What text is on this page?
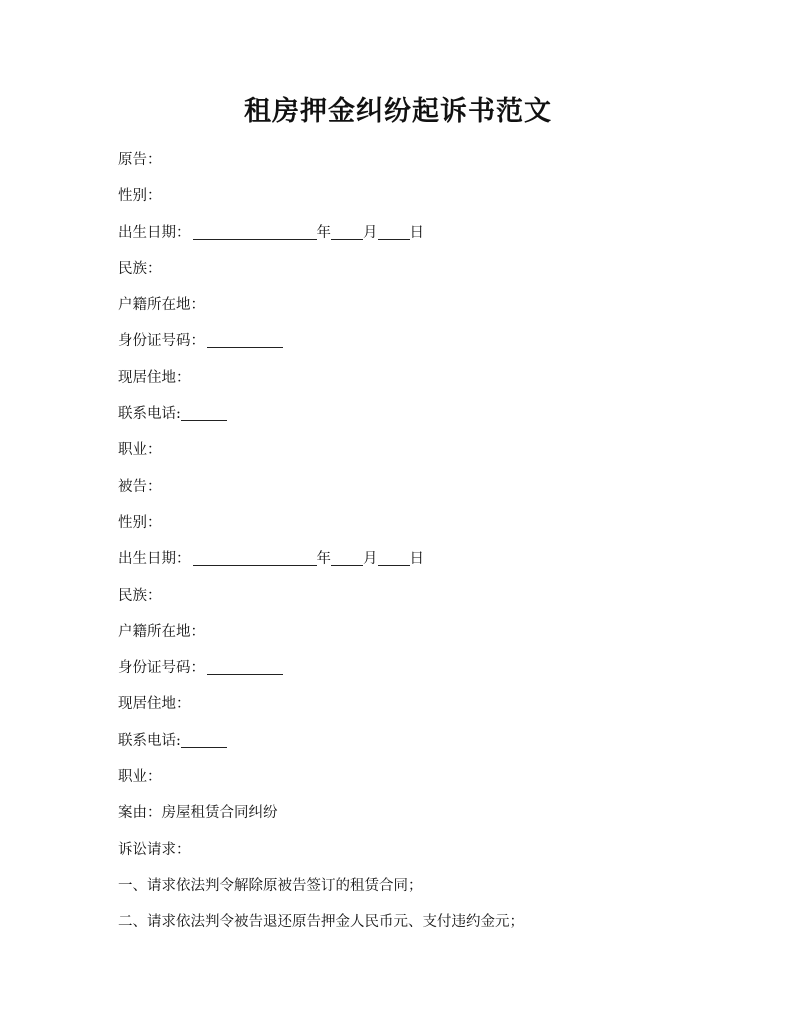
租房押金纠纷起诉书范文
原告：
性别：
出生日期：	年 月 日
民族：
户籍所在地：
身份证号码：
现居住地：
联系电话:
职业：
被告：
性别：
出生日期：	年 月 日
民族：
户籍所在地：
身份证号码：
现居住地：
联系电话:
职业：
案由：房屋租赁合同纠纷
诉讼请求：
一、请求依法判令解除原被告签订的租赁合同；
二、请求依法判令被告退还原告押金人民币元、支付违约金元；
